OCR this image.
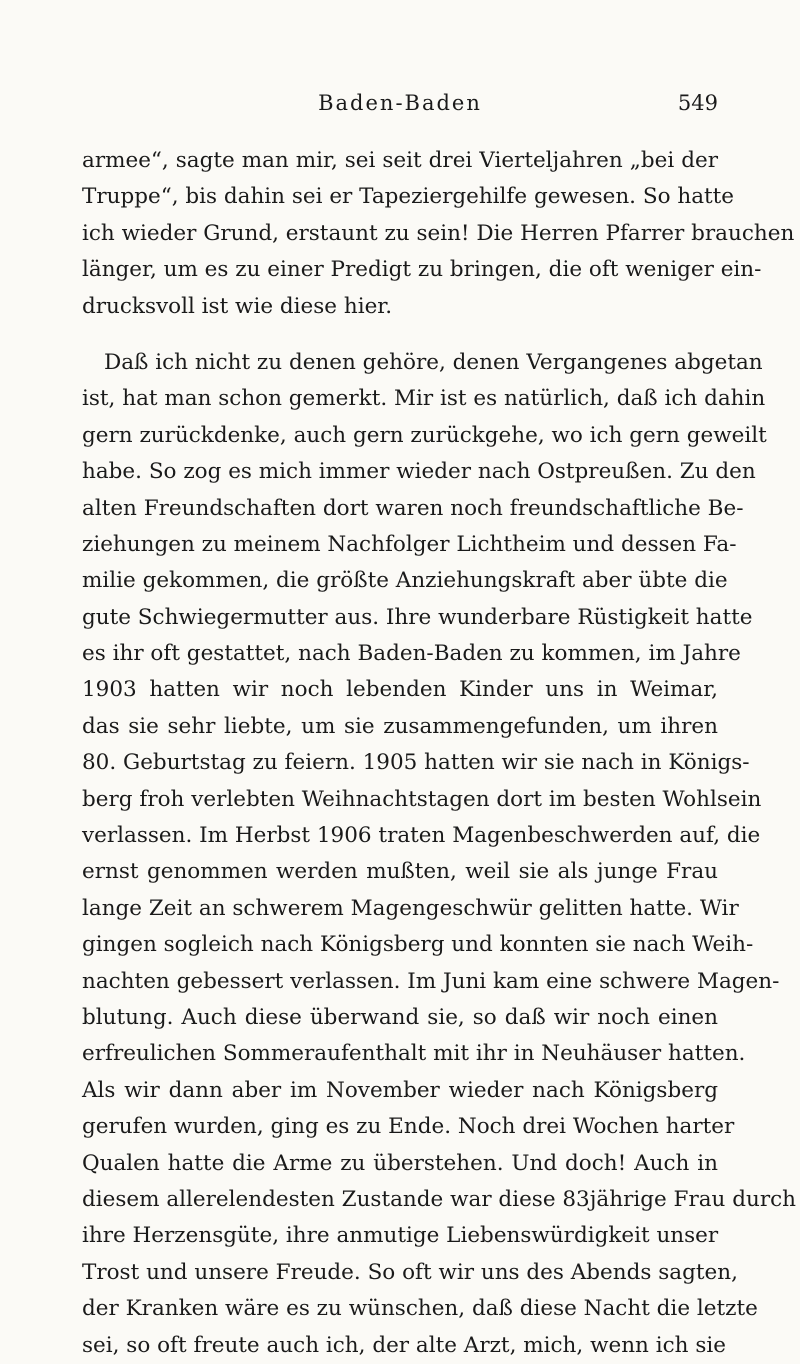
Baden-Baden	549
armee“, sagte man mir, sei seit drei Vierteljahren „bei der
Truppe“, bis dahin sei er Tapeziergehilfe gewesen. So hatte
ich wieder Grund, erstaunt zu sein! Die Herren Pfarrer brauchen
länger, um es zu einer Predigt zu bringen, die oft weniger ein-
drucksvoll ist wie diese hier.
Daß ich nicht zu denen gehöre, denen Vergangenes abgetan
ist, hat man schon gemerkt. Mir ist es natürlich, daß ich dahin
gern zurückdenke, auch gern zurückgehe, wo ich gern geweilt
habe. So zog es mich immer wieder nach Ostpreußen. Zu den
alten Freundschaften dort waren noch freundschaftliche Be-
ziehungen zu meinem Nachfolger Lichtheim und dessen Fa-
milie gekommen, die größte Anziehungskraft aber übte die
gute Schwiegermutter aus. Ihre wunderbare Rüstigkeit hatte
es ihr oft gestattet, nach Baden-Baden zu kommen, im Jahre
1903 hatten wir noch lebenden Kinder uns in Weimar,
das sie sehr liebte, um sie zusammengefunden, um ihren
80. Geburtstag zu feiern. 1905 hatten wir sie nach in Königs-
berg froh verlebten Weihnachtstagen dort im besten Wohlsein
verlassen. Im Herbst 1906 traten Magenbeschwerden auf, die
ernst genommen werden mußten, weil sie als junge Frau
lange Zeit an schwerem Magengeschwür gelitten hatte. Wir
gingen sogleich nach Königsberg und konnten sie nach Weih-
nachten gebessert verlassen. Im Juni kam eine schwere Magen-
blutung. Auch diese überwand sie, so daß wir noch einen
erfreulichen Sommeraufenthalt mit ihr in Neuhäuser hatten.
Als wir dann aber im November wieder nach Königsberg
gerufen wurden, ging es zu Ende. Noch drei Wochen harter
Qualen hatte die Arme zu überstehen. Und doch! Auch in
diesem allerelendesten Zustande war diese 83jährige Frau durch
ihre Herzensgüte, ihre anmutige Liebenswürdigkeit unser
Trost und unsere Freude. So oft wir uns des Abends sagten,
der Kranken wäre es zu wünschen, daß diese Nacht die letzte
sei, so oft freute auch ich, der alte Arzt, mich, wenn ich sie
